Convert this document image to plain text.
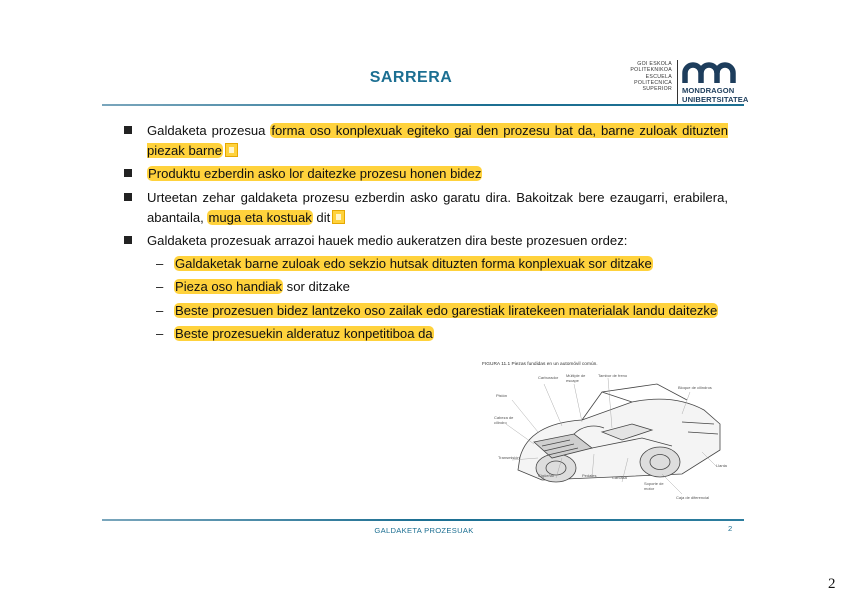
SARRERA
GOI ESKOLA
POLITEKNIKOA
ESCUELA
POLITECNICA
SUPERIOR MONDRAGON
UNIBERTSITATEA
Galdaketa prozesua forma oso konplexuak egiteko gai den prozesu bat da, barne zuloak dituzten piezak barne
Produktu ezberdin asko lor daitezke prozesu honen bidez
Urteetan zehar galdaketa prozesu ezberdin asko garatu dira. Bakoitzak bere ezaugarri, erabilera, abantaila, muga eta kostuak dit
Galdaketa prozesuak arrazoi hauek medio aukeratzen dira beste prozesuen ordez:
– Galdaketak barne zuloak edo sekzio hutsak dituzten forma konplexuak sor ditzake
– Pieza oso handiak sor ditzake
– Beste prozesuen bidez lantzeko oso zailak edo garestiak liratekeen materialak landu daitezke
– Beste prozesuekin alderatuz konpetitiboa da
FIGURA 11.1 Piezas fundidas en un automóvil común.
Carburador Múltiple de escape
Tambor de freno
Bloque de cilindros
Pistón
Cabeza de cilindro
Transmisión
Cigüeñal	Pedales	Carcasa
Caja de diferencial
Soporte de motor
Llanta
GALDAKETA PROZESUAK	2
2
